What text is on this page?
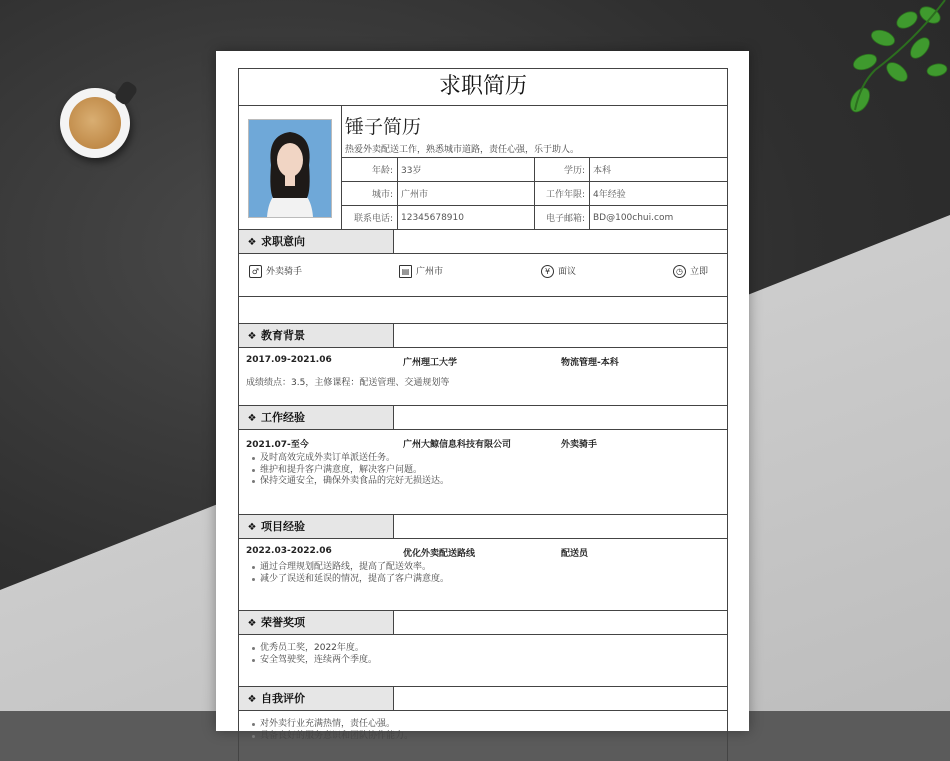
求职简历
锤子简历
热爱外卖配送工作，熟悉城市道路，责任心强，乐于助人。
年龄:	33岁	学历:	本科
城市:	广州市	工作年限:	4年经验
联系电话:	12345678910	电子邮箱:	BD@100chui.com
❖ 求职意向
♂ 外卖骑手	▤ 广州市	¥ 面议	◷ 立即
❖ 教育背景
2017.09-2021.06	广州理工大学	物流管理-本科
成绩绩点：3.5，主修课程：配送管理、交通规划等
❖ 工作经验
2021.07-至今	广州大鲸信息科技有限公司	外卖骑手
及时高效完成外卖订单派送任务。
维护和提升客户满意度，解决客户问题。
保持交通安全，确保外卖食品的完好无损送达。
❖ 项目经验
2022.03-2022.06	优化外卖配送路线	配送员
通过合理规划配送路线，提高了配送效率。
减少了误送和延误的情况，提高了客户满意度。
❖ 荣誉奖项
优秀员工奖，2022年度。
安全驾驶奖，连续两个季度。
❖ 自我评价
对外卖行业充满热情，责任心强。
具备良好的服务意识和团队协作能力。
